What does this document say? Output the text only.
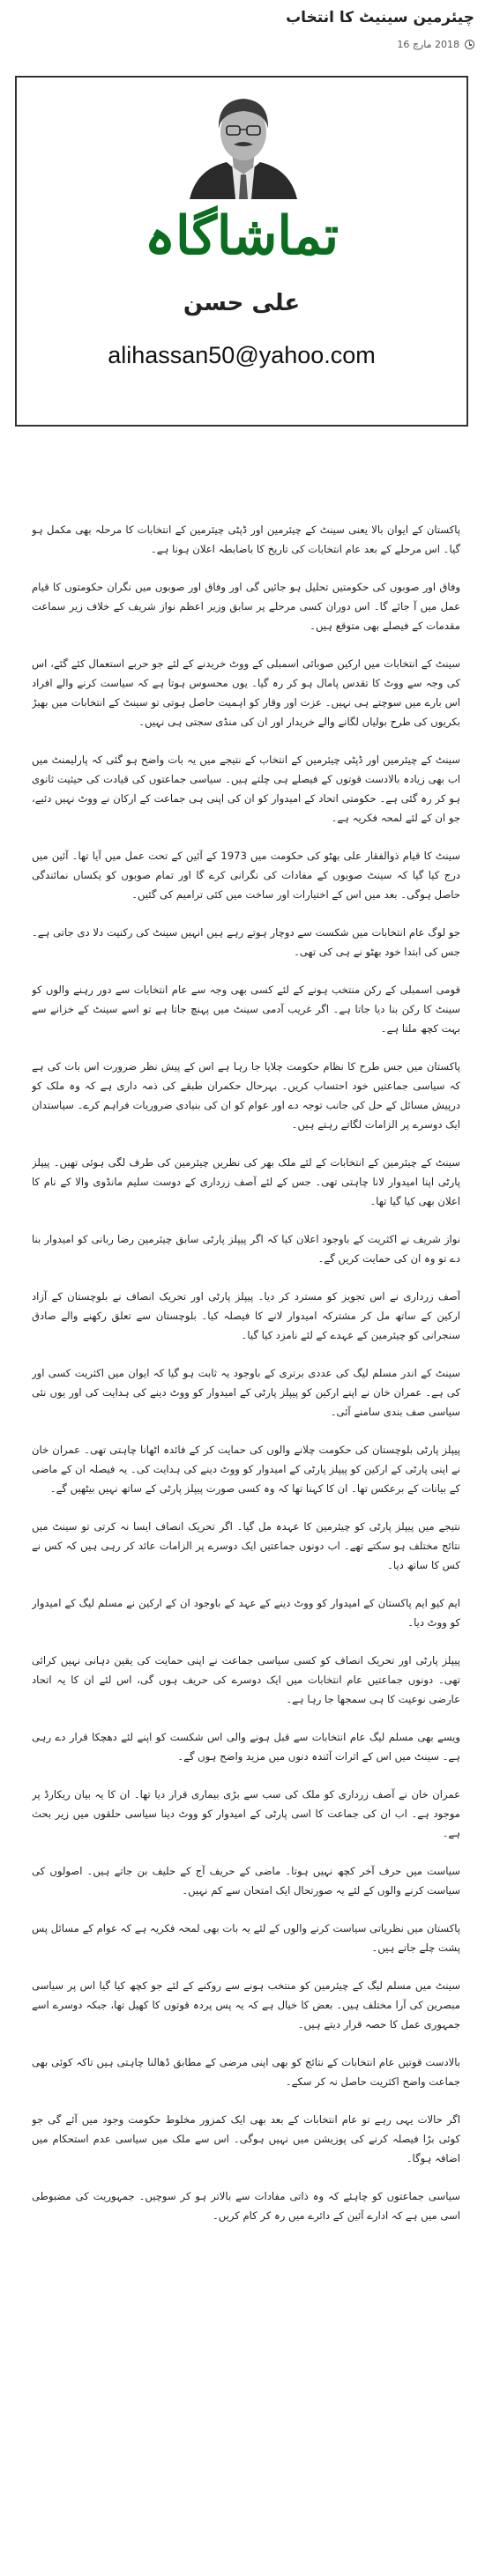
چیئرمین سینیٹ کا انتخاب
2018 مارچ 16
تماشاگاہ
علی حسن
alihassan50@yahoo.com

پاکستان کے ایوان بالا یعنی سینٹ کے چیئرمین اور ڈپٹی چیئرمین کے انتخابات کا مرحلہ بھی مکمل ہو گیا۔ اس مرحلے کے بعد عام انتخابات کی تاریخ کا باضابطہ اعلان ہونا ہے۔

وفاق اور صوبوں کی حکومتیں تحلیل ہو جائیں گی اور وفاق اور صوبوں میں نگران حکومتوں کا قیام عمل میں آ جائے گا۔ اس دوران کسی مرحلے پر سابق وزیر اعظم نواز شریف کے خلاف زیر سماعت مقدمات کے فیصلے بھی متوقع ہیں۔

سینٹ کے انتخابات میں ارکین صوبائی اسمبلی کے ووٹ خریدنے کے لئے جو حربے استعمال کئے گئے، اس کی وجہ سے ووٹ کا تقدس پامال ہو کر رہ گیا۔ یوں محسوس ہوتا ہے کہ سیاست کرنے والے افراد اس بارے میں سوچتے ہی نہیں۔ عزت اور وقار کو اہمیت حاصل ہوتی تو سینٹ کے انتخابات میں بھیڑ بکریوں کی طرح بولیاں لگانے والے خریدار اور ان کی منڈی سجتی ہی نہیں۔

سینٹ کے چیئرمین اور ڈپٹی چیئرمین کے انتخاب کے نتیجے میں یہ بات واضح ہو گئی کہ پارلیمنٹ میں اب بھی زیادہ بالادست قوتوں کے فیصلے ہی چلتے ہیں۔ سیاسی جماعتوں کی قیادت کی حیثیت ثانوی ہو کر رہ گئی ہے۔ حکومتی اتحاد کے امیدوار کو ان کی اپنی ہی جماعت کے ارکان نے ووٹ نہیں دئیے، جو ان کے لئے لمحہ فکریہ ہے۔

سینٹ کا قیام ذوالفقار علی بھٹو کی حکومت میں 1973 کے آئین کے تحت عمل میں آیا تھا۔ آئین میں درج کیا گیا کہ سینٹ صوبوں کے مفادات کی نگرانی کرے گا اور تمام صوبوں کو یکساں نمائندگی حاصل ہوگی۔ بعد میں اس کے اختیارات اور ساخت میں کئی ترامیم کی گئیں۔

جو لوگ عام انتخابات میں شکست سے دوچار ہوتے رہے ہیں انہیں سینٹ کی رکنیت دلا دی جاتی ہے۔ جس کی ابتدا خود بھٹو نے ہی کی تھی۔

قومی اسمبلی کے رکن منتخب ہونے کے لئے کسی بھی وجہ سے عام انتخابات سے دور رہنے والوں کو سینٹ کا رکن بنا دیا جاتا ہے۔ اگر غریب آدمی سینٹ میں پہنچ جاتا ہے تو اسے سینٹ کے خزانے سے بہت کچھ ملتا ہے۔

پاکستان میں جس طرح کا نظام حکومت چلایا جا رہا ہے اس کے پیش نظر ضرورت اس بات کی ہے کہ سیاسی جماعتیں خود احتساب کریں۔ بہرحال حکمران طبقے کی ذمہ داری ہے کہ وہ ملک کو درپیش مسائل کے حل کی جانب توجہ دے اور عوام کو ان کی بنیادی ضروریات فراہم کرے۔ سیاستدان ایک دوسرے پر الزامات لگاتے رہتے ہیں۔

سینٹ کے چیئرمین کے انتخابات کے لئے ملک بھر کی نظریں چیئرمین کی طرف لگی ہوئی تھیں۔ پیپلز پارٹی اپنا امیدوار لانا چاہتی تھی۔ جس کے لئے آصف زرداری کے دوست سلیم مانڈوی والا کے نام کا اعلان بھی کیا گیا تھا۔

نواز شریف نے اکثریت کے باوجود اعلان کیا کہ اگر پیپلز پارٹی سابق چیئرمین رضا ربانی کو امیدوار بنا دے تو وہ ان کی حمایت کریں گے۔

آصف زرداری نے اس تجویز کو مسترد کر دیا۔ پیپلز پارٹی اور تحریک انصاف نے بلوچستان کے آزاد ارکین کے ساتھ مل کر مشترکہ امیدوار لانے کا فیصلہ کیا۔ بلوچستان سے تعلق رکھنے والے صادق سنجرانی کو چیئرمین کے عہدے کے لئے نامزد کیا گیا۔

سینٹ کے اندر مسلم لیگ کی عددی برتری کے باوجود یہ ثابت ہو گیا کہ ایوان میں اکثریت کسی اور کی ہے۔ عمران خان نے اپنے ارکین کو پیپلز پارٹی کے امیدوار کو ووٹ دینے کی ہدایت کی اور یوں نئی سیاسی صف بندی سامنے آئی۔

پیپلز پارٹی بلوچستان کی حکومت چلانے والوں کی حمایت کر کے فائدہ اٹھانا چاہتی تھی۔ عمران خان نے اپنی پارٹی کے ارکین کو پیپلز پارٹی کے امیدوار کو ووٹ دینے کی ہدایت کی۔ یہ فیصلہ ان کے ماضی کے بیانات کے برعکس تھا۔ ان کا کہنا تھا کہ وہ کسی صورت پیپلز پارٹی کے ساتھ نہیں بیٹھیں گے۔

نتیجے میں پیپلز پارٹی کو چیئرمین کا عہدہ مل گیا۔ اگر تحریک انصاف ایسا نہ کرتی تو سینٹ میں نتائج مختلف ہو سکتے تھے۔ اب دونوں جماعتیں ایک دوسرے پر الزامات عائد کر رہی ہیں کہ کس نے کس کا ساتھ دیا۔

ایم کیو ایم پاکستان کے امیدوار کو ووٹ دینے کے عہد کے باوجود ان کے ارکین نے مسلم لیگ کے امیدوار کو ووٹ دیا۔

پیپلز پارٹی اور تحریک انصاف کو کسی سیاسی جماعت نے اپنی حمایت کی یقین دہانی نہیں کرائی تھی۔ دونوں جماعتیں عام انتخابات میں ایک دوسرے کی حریف ہوں گی، اس لئے ان کا یہ اتحاد عارضی نوعیت کا ہی سمجھا جا رہا ہے۔

ویسے بھی مسلم لیگ عام انتخابات سے قبل ہونے والی اس شکست کو اپنے لئے دھچکا قرار دے رہی ہے۔ سینٹ میں اس کے اثرات آئندہ دنوں میں مزید واضح ہوں گے۔

عمران خان نے آصف زرداری کو ملک کی سب سے بڑی بیماری قرار دیا تھا۔ ان کا یہ بیان ریکارڈ پر موجود ہے۔ اب ان کی جماعت کا اسی پارٹی کے امیدوار کو ووٹ دینا سیاسی حلقوں میں زیر بحث ہے۔

سیاست میں حرف آخر کچھ نہیں ہوتا۔ ماضی کے حریف آج کے حلیف بن جاتے ہیں۔ اصولوں کی سیاست کرنے والوں کے لئے یہ صورتحال ایک امتحان سے کم نہیں۔

پاکستان میں نظریاتی سیاست کرنے والوں کے لئے یہ بات بھی لمحہ فکریہ ہے کہ عوام کے مسائل پس پشت چلے جاتے ہیں۔

سینٹ میں مسلم لیگ کے چیئرمین کو منتخب ہونے سے روکنے کے لئے جو کچھ کیا گیا اس پر سیاسی مبصرین کی آرا مختلف ہیں۔ بعض کا خیال ہے کہ یہ پس پردہ قوتوں کا کھیل تھا، جبکہ دوسرے اسے جمہوری عمل کا حصہ قرار دیتے ہیں۔

بالادست قوتیں عام انتخابات کے نتائج کو بھی اپنی مرضی کے مطابق ڈھالنا چاہتی ہیں تاکہ کوئی بھی جماعت واضح اکثریت حاصل نہ کر سکے۔

اگر حالات یہی رہے تو عام انتخابات کے بعد بھی ایک کمزور مخلوط حکومت وجود میں آئے گی جو کوئی بڑا فیصلہ کرنے کی پوزیشن میں نہیں ہوگی۔ اس سے ملک میں سیاسی عدم استحکام میں اضافہ ہوگا۔

سیاسی جماعتوں کو چاہئے کہ وہ ذاتی مفادات سے بالاتر ہو کر سوچیں۔ جمہوریت کی مضبوطی اسی میں ہے کہ ادارے آئین کے دائرے میں رہ کر کام کریں۔
